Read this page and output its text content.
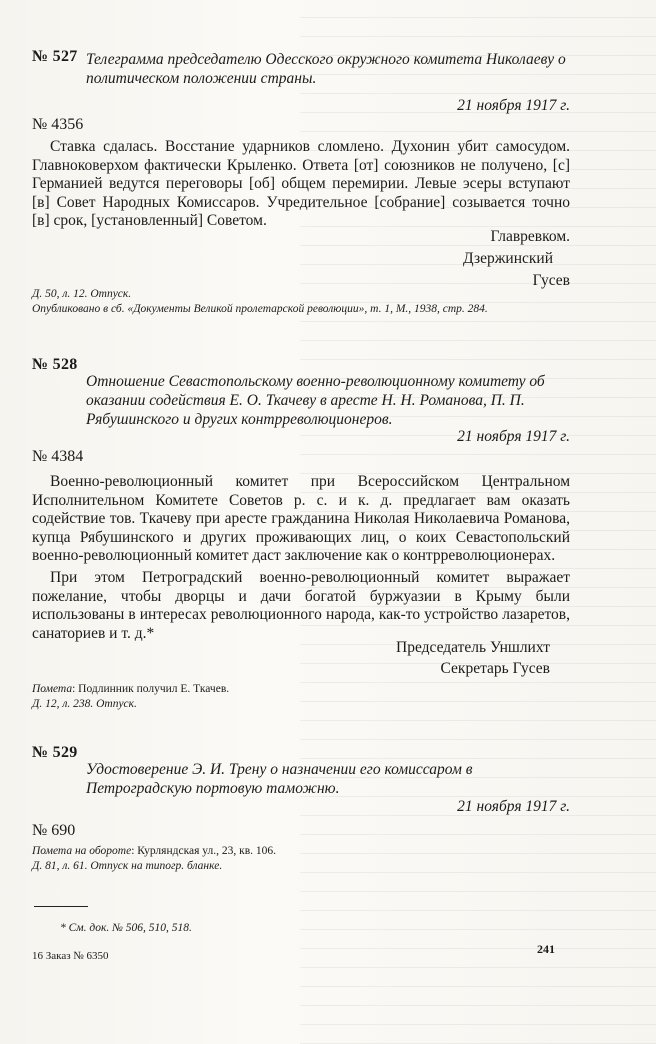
№ 527 Телеграмма председателю Одесского окружного комитета Николаеву о политическом положении страны.
21 ноября 1917 г.
№ 4356
Ставка сдалась. Восстание ударников сломлено. Духонин убит самосудом. Главноковерхом фактически Крыленко. Ответа [от] союзников не получено, [с] Германией ведутся переговоры [об] общем перемирии. Левые эсеры вступают [в] Совет Народных Комиссаров. Учредительное [собрание] созывается точно [в] срок, [установленный] Советом.
Главревком.
Дзержинский
Гусев
Д. 50, л. 12. Отпуск.
Опубликовано в сб. «Документы Великой пролетарской революции», т. 1, М., 1938, стр. 284.
№ 528
Отношение Севастопольскому военно-революционному комитету об оказании содействия Е. О. Ткачеву в аресте Н. Н. Романова, П. П. Рябушинского и других контрреволюционеров.
21 ноября 1917 г.
№ 4384
Военно-революционный комитет при Всероссийском Центральном Исполнительном Комитете Советов р. с. и к. д. предлагает вам оказать содействие тов. Ткачеву при аресте гражданина Николая Николаевича Романова, купца Рябушинского и других проживающих лиц, о коих Севастопольский военно-революционный комитет даст заключение как о контрреволюционерах.
При этом Петроградский военно-революционный комитет выражает пожелание, чтобы дворцы и дачи богатой буржуазии в Крыму были использованы в интересах революционного народа, как-то устройство лазаретов, санаториев и т. д.*
Председатель Уншлихт
Секретарь Гусев
Помета: Подлинник получил Е. Ткачев.
Д. 12, л. 238. Отпуск.
№ 529
Удостоверение Э. И. Трену о назначении его комиссаром в Петроградскую портовую таможню.
21 ноября 1917 г.
№ 690
Помета на обороте: Курляндская ул., 23, кв. 106.
Д. 81, л. 61. Отпуск на типогр. бланке.
* См. док. № 506, 510, 518.
16 Заказ № 6350	241
